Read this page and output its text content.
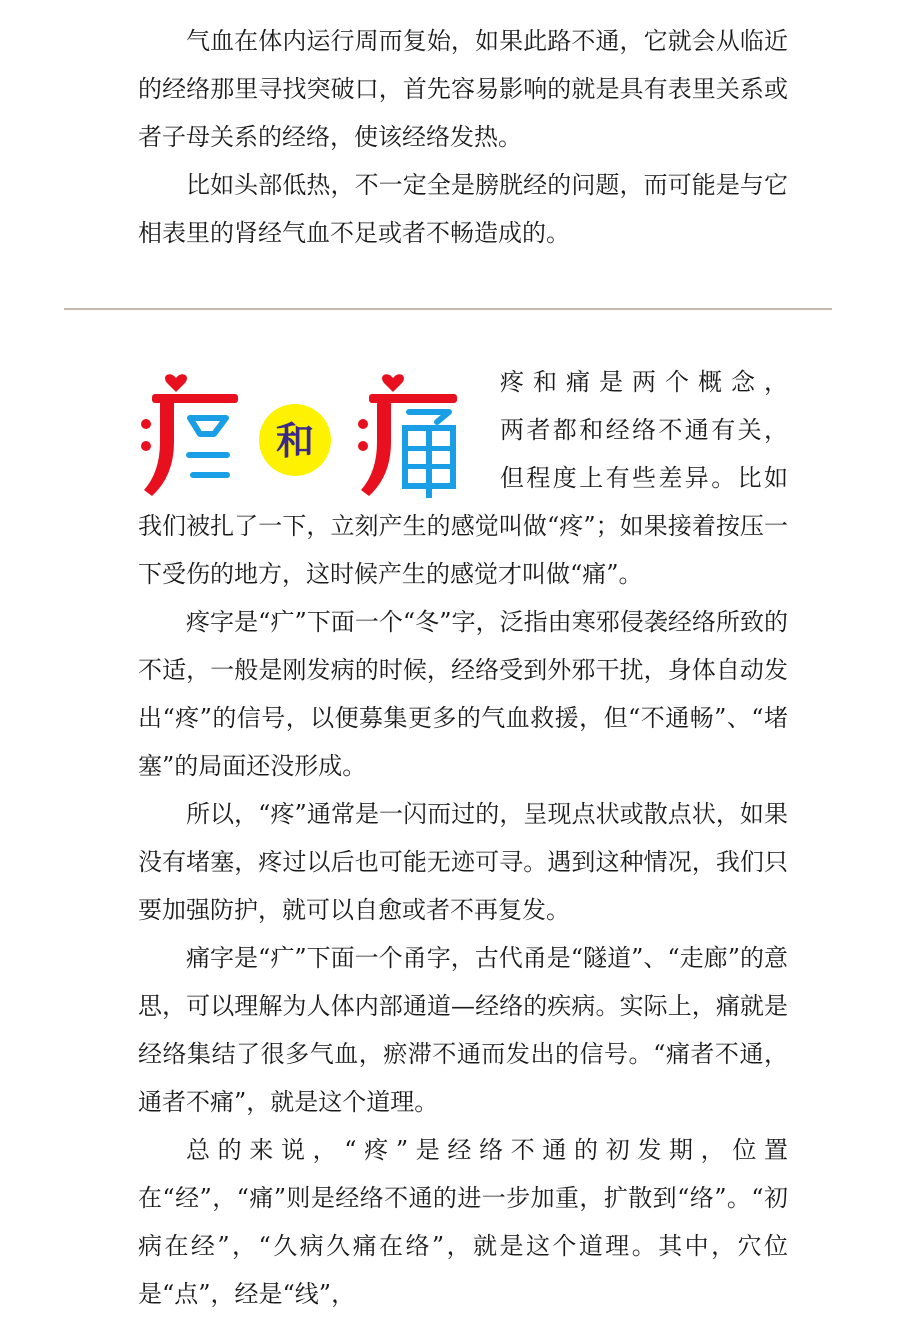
气血在体内运行周而复始，如果此路不通，它就会从临近的经络那里寻找突破口，首先容易影响的就是具有表里关系或者子母关系的经络，使该经络发热。

比如头部低热，不一定全是膀胱经的问题，而可能是与它相表里的肾经气血不足或者不畅造成的。

和
疼和痛是两个概念，
两者都和经络不通有关，
但程度上有些差异。比如

我们被扎了一下，立刻产生的感觉叫做“疼”；如果接着按压一下受伤的地方，这时候产生的感觉才叫做“痛”。

疼字是“疒”下面一个“冬”字，泛指由寒邪侵袭经络所致的不适，一般是刚发病的时候，经络受到外邪干扰，身体自动发出“疼”的信号，以便募集更多的气血救援，但“不通畅”、“堵塞”的局面还没形成。

所以，“疼”通常是一闪而过的，呈现点状或散点状，如果没有堵塞，疼过以后也可能无迹可寻。遇到这种情况，我们只要加强防护，就可以自愈或者不再复发。

痛字是“疒”下面一个甬字，古代甬是“隧道”、“走廊”的意思，可以理解为人体内部通道—经络的疾病。实际上，痛就是经络集结了很多气血，瘀滞不通而发出的信号。“痛者不通，通者不痛”，就是这个道理。

总的来说，“疼”是经络不通的初发期，位置在“经”，“痛”则是经络不通的进一步加重，扩散到“络”。“初病在经”，“久病久痛在络”，就是这个道理。其中，穴位是“点”，经是“线”，
